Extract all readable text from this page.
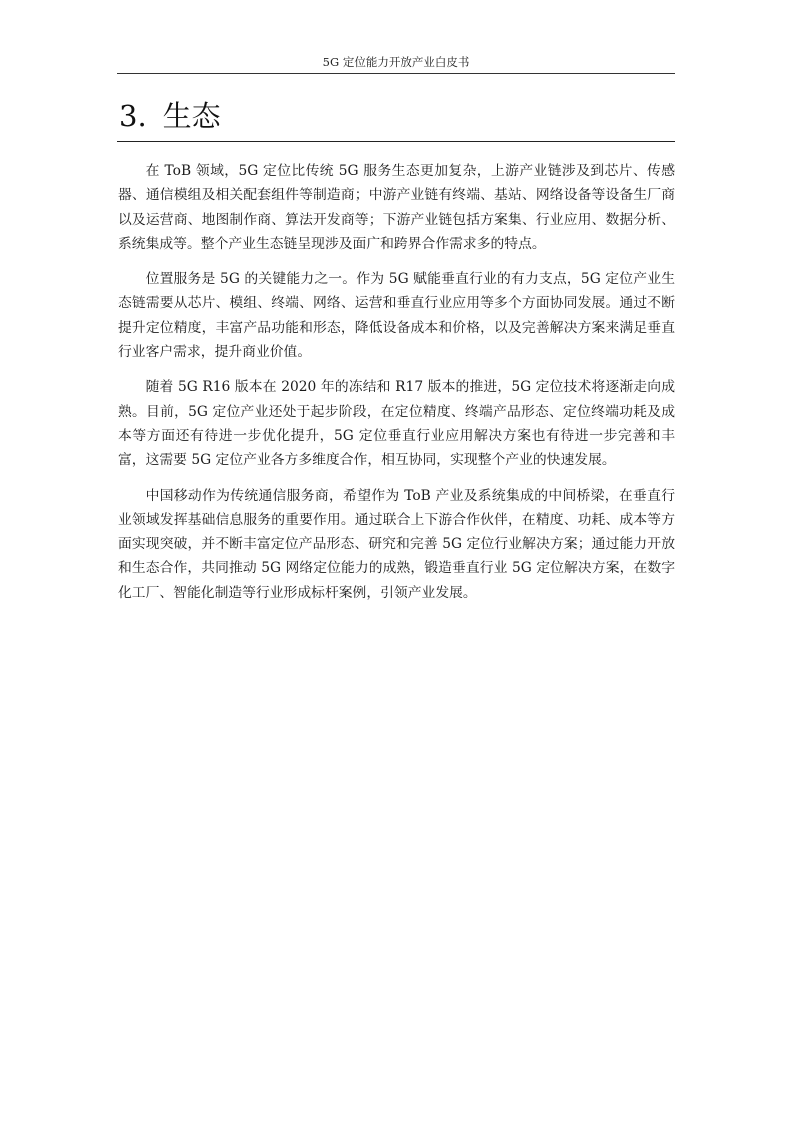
5G 定位能力开放产业白皮书
3. 生态

在 ToB 领域，5G 定位比传统 5G 服务生态更加复杂，上游产业链涉及到芯片、传感器、通信模组及相关配套组件等制造商；中游产业链有终端、基站、网络设备等设备生厂商以及运营商、地图制作商、算法开发商等；下游产业链包括方案集、行业应用、数据分析、系统集成等。整个产业生态链呈现涉及面广和跨界合作需求多的特点。

位置服务是 5G 的关键能力之一。作为 5G 赋能垂直行业的有力支点，5G 定位产业生态链需要从芯片、模组、终端、网络、运营和垂直行业应用等多个方面协同发展。通过不断提升定位精度，丰富产品功能和形态，降低设备成本和价格，以及完善解决方案来满足垂直行业客户需求，提升商业价值。

随着 5G R16 版本在 2020 年的冻结和 R17 版本的推进，5G 定位技术将逐渐走向成熟。目前，5G 定位产业还处于起步阶段，在定位精度、终端产品形态、定位终端功耗及成本等方面还有待进一步优化提升，5G 定位垂直行业应用解决方案也有待进一步完善和丰富，这需要 5G 定位产业各方多维度合作，相互协同，实现整个产业的快速发展。

中国移动作为传统通信服务商，希望作为 ToB 产业及系统集成的中间桥梁，在垂直行业领域发挥基础信息服务的重要作用。通过联合上下游合作伙伴，在精度、功耗、成本等方面实现突破，并不断丰富定位产品形态、研究和完善 5G 定位行业解决方案；通过能力开放和生态合作，共同推动 5G 网络定位能力的成熟，锻造垂直行业 5G 定位解决方案，在数字化工厂、智能化制造等行业形成标杆案例，引领产业发展。
